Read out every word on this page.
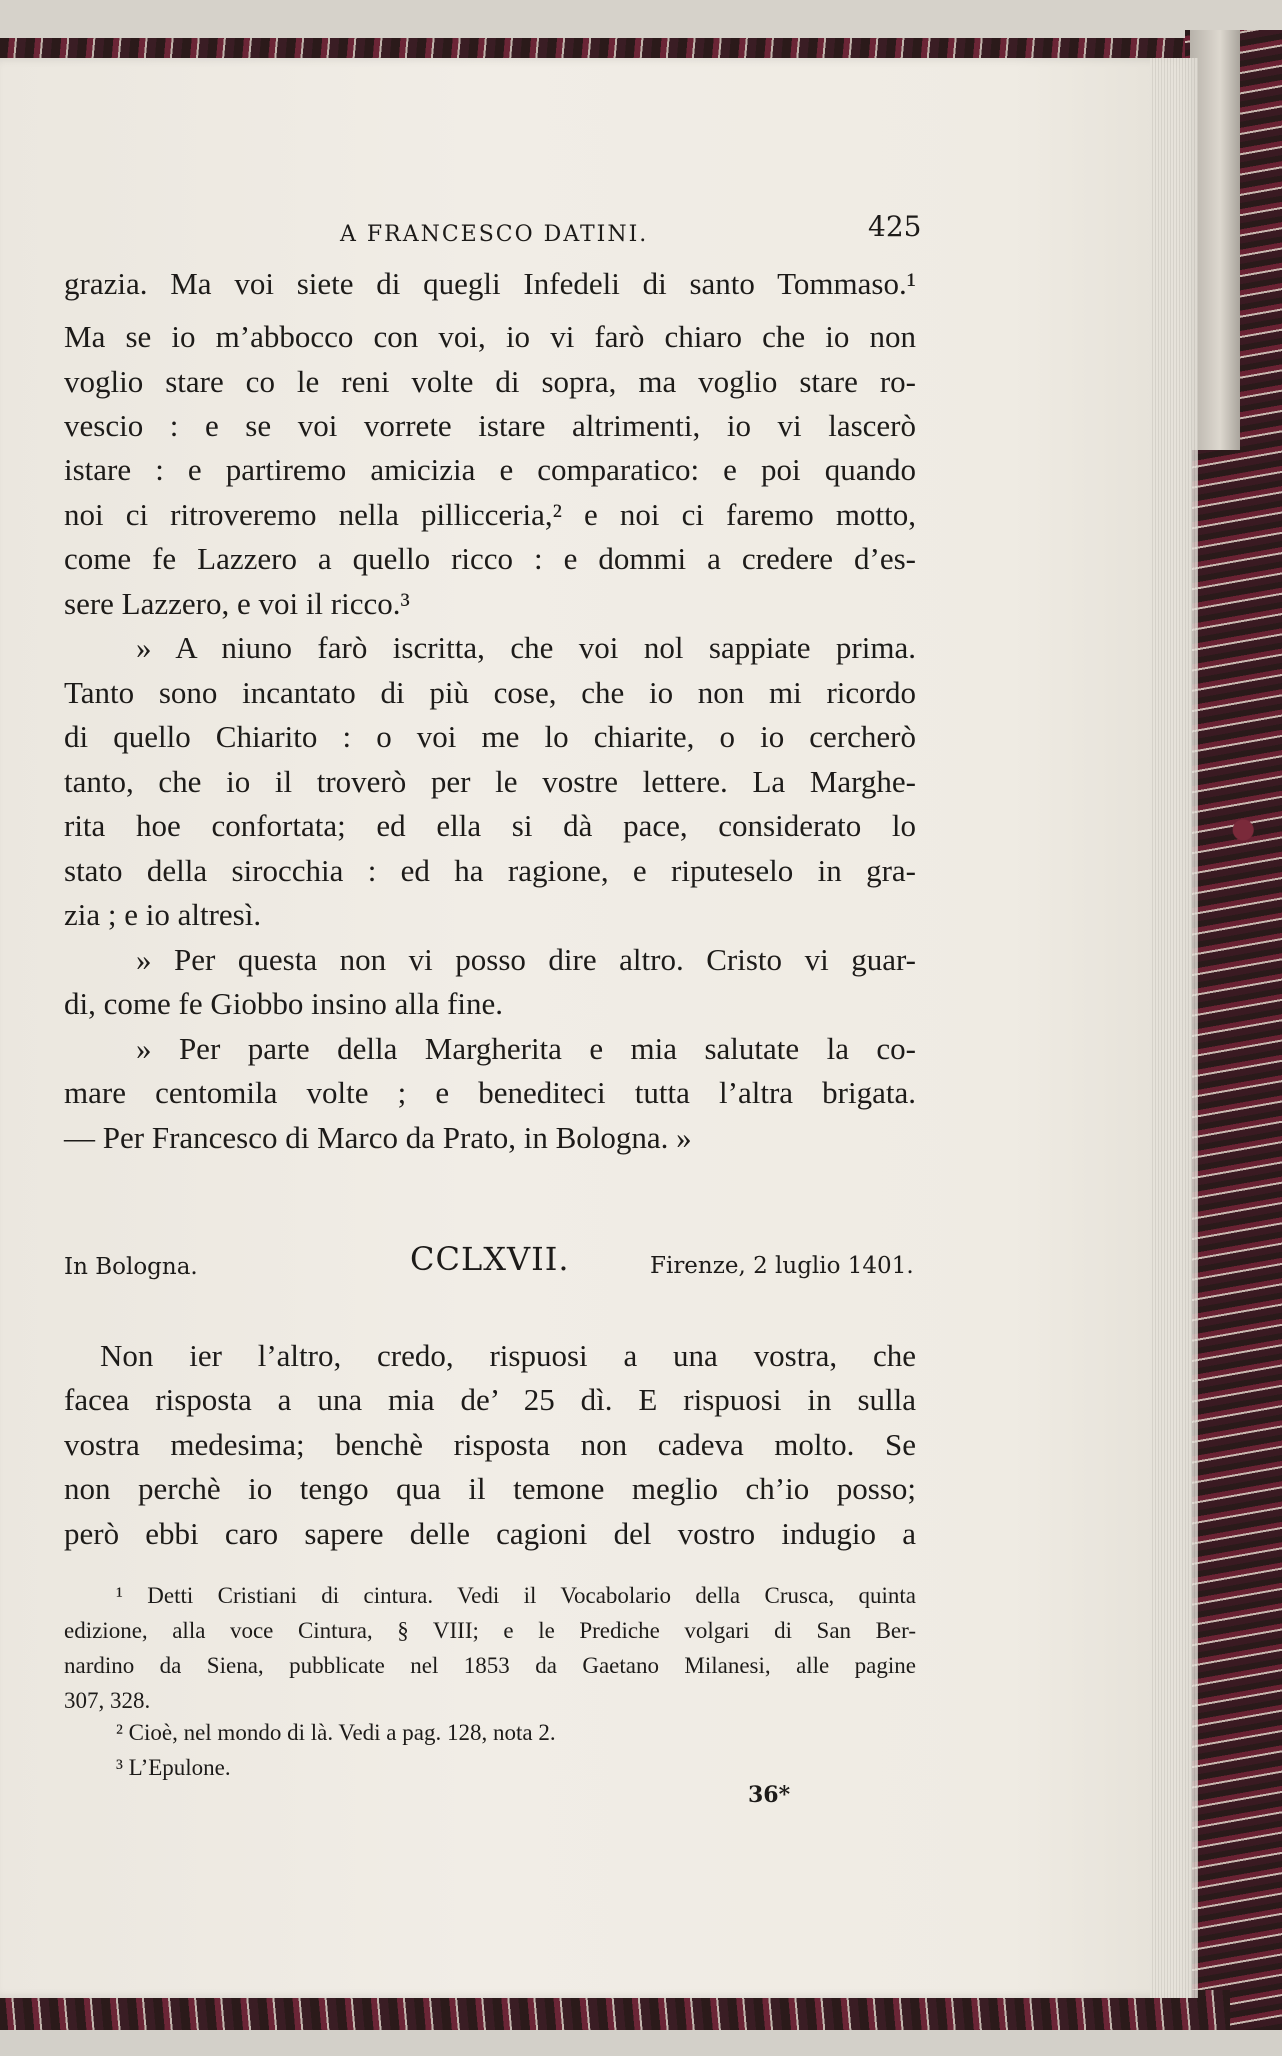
A FRANCESCO DATINI.	425
grazia. Ma voi siete di quegli Infedeli di santo Tommaso.¹
Ma se io m’abbocco con voi, io vi farò chiaro che io non
voglio stare co le reni volte di sopra, ma voglio stare ro-
vescio : e se voi vorrete istare altrimenti, io vi lascerò
istare : e partiremo amicizia e comparatico: e poi quando
noi ci ritroveremo nella pillicceria,² e noi ci faremo motto,
come fe Lazzero a quello ricco : e dommi a credere d’es-
sere Lazzero, e voi il ricco.³
» A niuno farò iscritta, che voi nol sappiate prima.
Tanto sono incantato di più cose, che io non mi ricordo
di quello Chiarito : o voi me lo chiarite, o io cercherò
tanto, che io il troverò per le vostre lettere. La Marghe-
rita hoe confortata; ed ella si dà pace, considerato lo
stato della sirocchia : ed ha ragione, e riputeselo in gra-
zia ; e io altresì.
» Per questa non vi posso dire altro. Cristo vi guar-
di, come fe Giobbo insino alla fine.
» Per parte della Margherita e mia salutate la co-
mare centomila volte ; e benediteci tutta l’altra brigata.
— Per Francesco di Marco da Prato, in Bologna. »
In Bologna.	CCLXVII.	Firenze, 2 luglio 1401.
Non ier l’altro, credo, rispuosi a una vostra, che
facea risposta a una mia de’ 25 dì. E rispuosi in sulla
vostra medesima; benchè risposta non cadeva molto. Se
non perchè io tengo qua il temone meglio ch’io posso;
però ebbi caro sapere delle cagioni del vostro indugio a
¹ Detti Cristiani di cintura. Vedi il Vocabolario della Crusca, quinta
edizione, alla voce Cintura, § VIII; e le Prediche volgari di San Ber-
nardino da Siena, pubblicate nel 1853 da Gaetano Milanesi, alle pagine
307, 328.
² Cioè, nel mondo di là. Vedi a pag. 128, nota 2.
³ L’Epulone.
36*
